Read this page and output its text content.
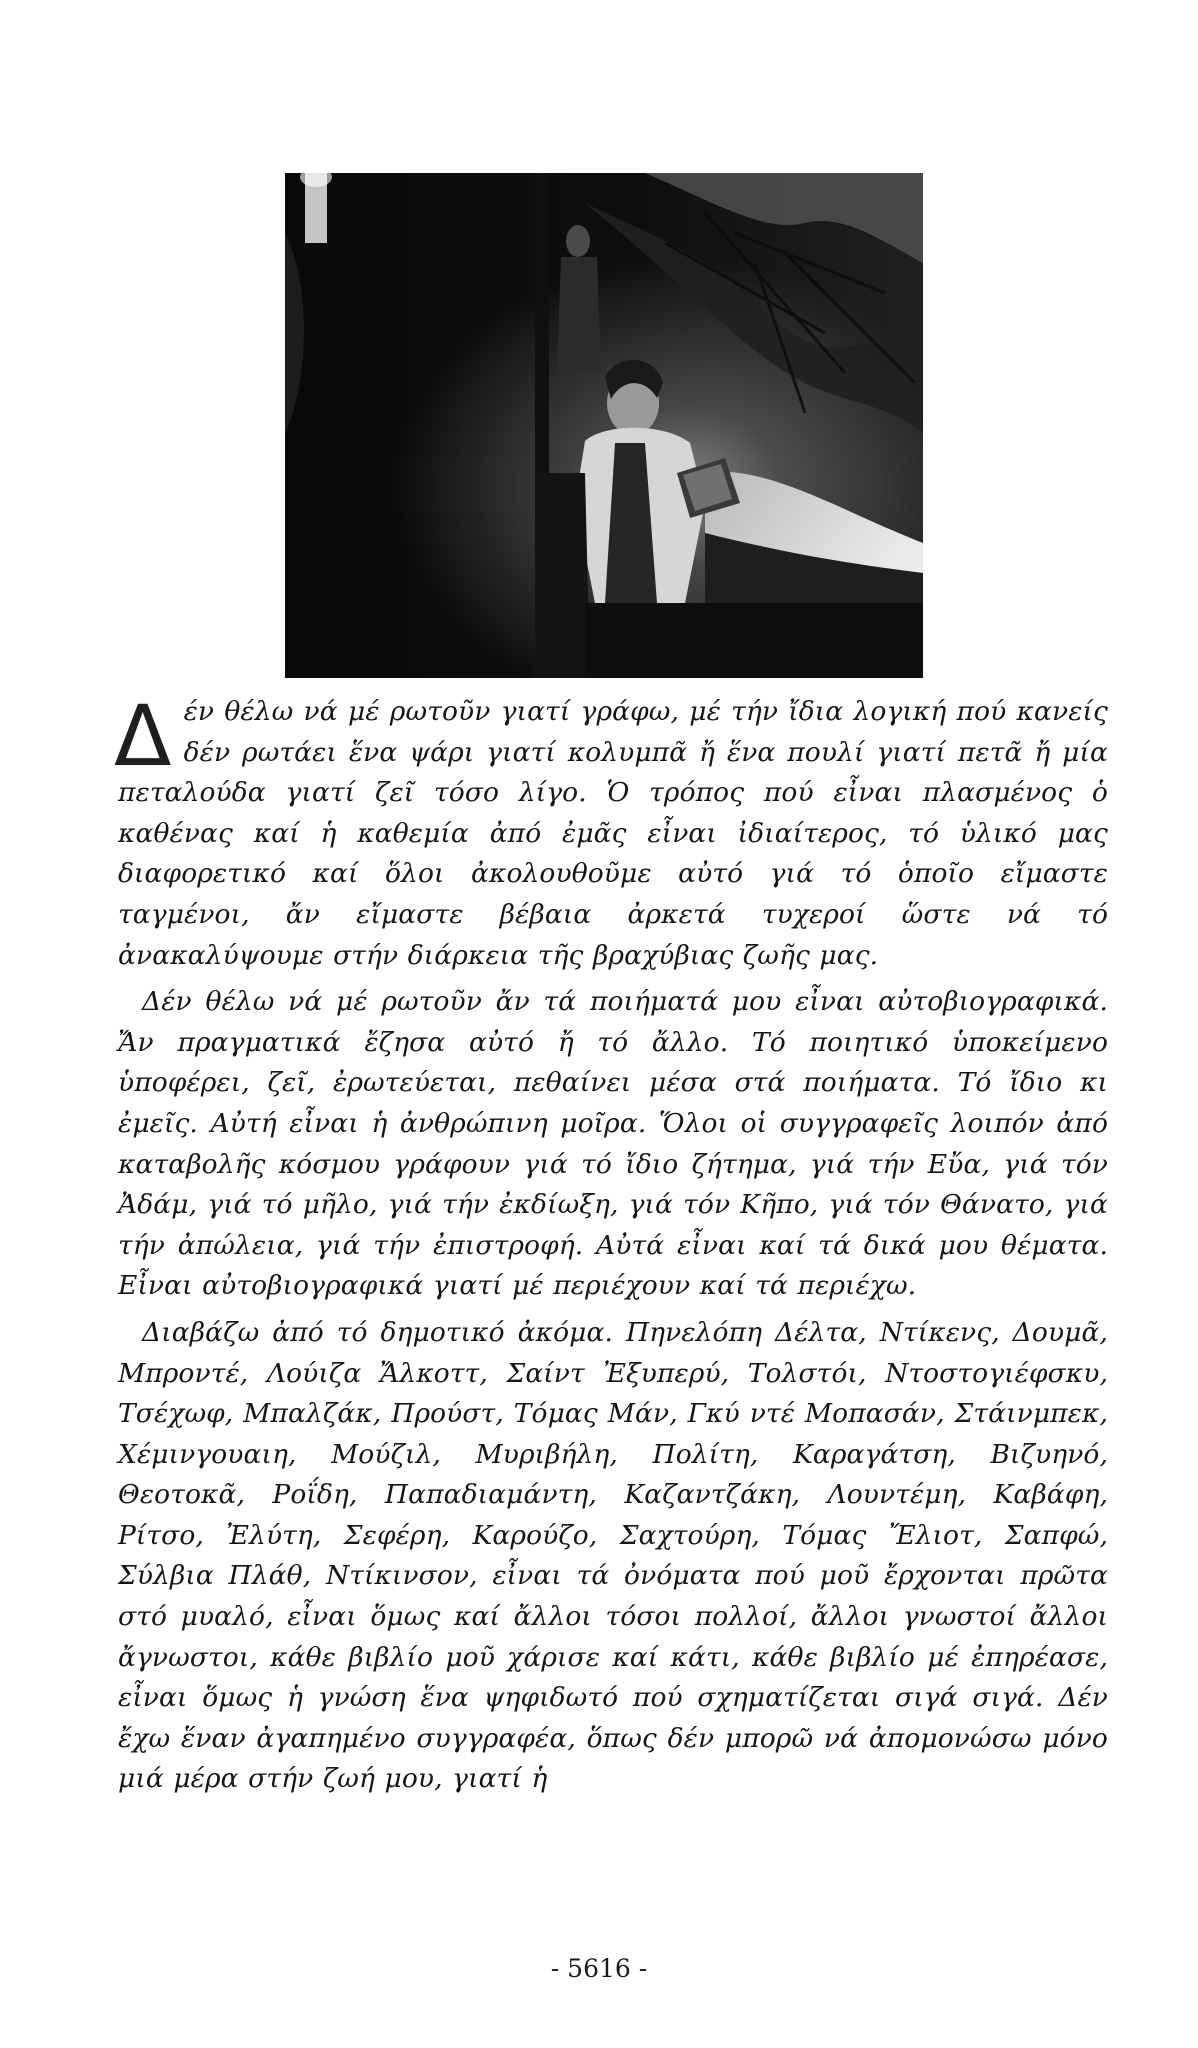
Δέν θέλω νά μέ ρωτοῦν γιατί γράφω, μέ τήν ἴδια λογική πού κανείς δέν ρωτάει ἕνα ψάρι γιατί κολυμπᾶ ἤ ἕνα πουλί γιατί πετᾶ ἤ μία πεταλούδα γιατί ζεῖ τόσο λίγο. Ὁ τρόπος πού εἶναι πλασμένος ὁ καθένας καί ἡ καθεμία ἀπό ἐμᾶς εἶναι ἰδιαίτερος, τό ὑλικό μας διαφορετικό καί ὅλοι ἀκολουθοῦμε αὐτό γιά τό ὁποῖο εἴμαστε ταγμένοι, ἄν εἴμαστε βέβαια ἀρκετά τυχεροί ὥστε νά τό ἀνακαλύψουμε στήν διάρκεια τῆς βραχύβιας ζωῆς μας.

Δέν θέλω νά μέ ρωτοῦν ἄν τά ποιήματά μου εἶναι αὐτοβιογραφικά. Ἄν πραγματικά ἔζησα αὐτό ἤ τό ἄλλο. Τό ποιητικό ὑποκείμενο ὑποφέρει, ζεῖ, ἐρωτεύεται, πεθαίνει μέσα στά ποιήματα. Τό ἴδιο κι ἐμεῖς. Αὐτή εἶναι ἡ ἀνθρώπινη μοῖρα. Ὅλοι οἱ συγγραφεῖς λοιπόν ἀπό καταβολῆς κόσμου γράφουν γιά τό ἴδιο ζήτημα, γιά τήν Εὔα, γιά τόν Ἀδάμ, γιά τό μῆλο, γιά τήν ἐκδίωξη, γιά τόν Κῆπο, γιά τόν Θάνατο, γιά τήν ἀπώλεια, γιά τήν ἐπιστροφή. Αὐτά εἶναι καί τά δικά μου θέματα. Εἶναι αὐτοβιογραφικά γιατί μέ περιέχουν καί τά περιέχω.

Διαβάζω ἀπό τό δημοτικό ἀκόμα. Πηνελόπη Δέλτα, Ντίκενς, Δουμᾶ, Μπροντέ, Λούιζα Ἄλκοττ, Σαίντ Ἐξυπερύ, Τολστόι, Ντοστογιέφσκυ, Τσέχωφ, Μπαλζάκ, Προύστ, Τόμας Μάν, Γκύ ντέ Μοπασάν, Στάινμπεκ, Χέμινγουαιη, Μούζιλ, Μυριβήλη, Πολίτη, Καραγάτση, Βιζυηνό, Θεοτοκᾶ, Ροΐδη, Παπαδιαμάντη, Καζαντζάκη, Λουντέμη, Καβάφη, Ρίτσο, Ἐλύτη, Σεφέρη, Καρούζο, Σαχτούρη, Τόμας Ἔλιοτ, Σαπφώ, Σύλβια Πλάθ, Ντίκινσον, εἶναι τά ὀνόματα πού μοῦ ἔρχονται πρῶτα στό μυαλό, εἶναι ὅμως καί ἄλλοι τόσοι πολλοί, ἄλλοι γνωστοί ἄλλοι ἄγνωστοι, κάθε βιβλίο μοῦ χάρισε καί κάτι, κάθε βιβλίο μέ ἐπηρέασε, εἶναι ὅμως ἡ γνώση ἕνα ψηφιδωτό πού σχηματίζεται σιγά σιγά. Δέν ἔχω ἕναν ἀγαπημένο συγγραφέα, ὅπως δέν μπορῶ νά ἀπομονώσω μόνο μιά μέρα στήν ζωή μου, γιατί ἡ

- 5616 -
